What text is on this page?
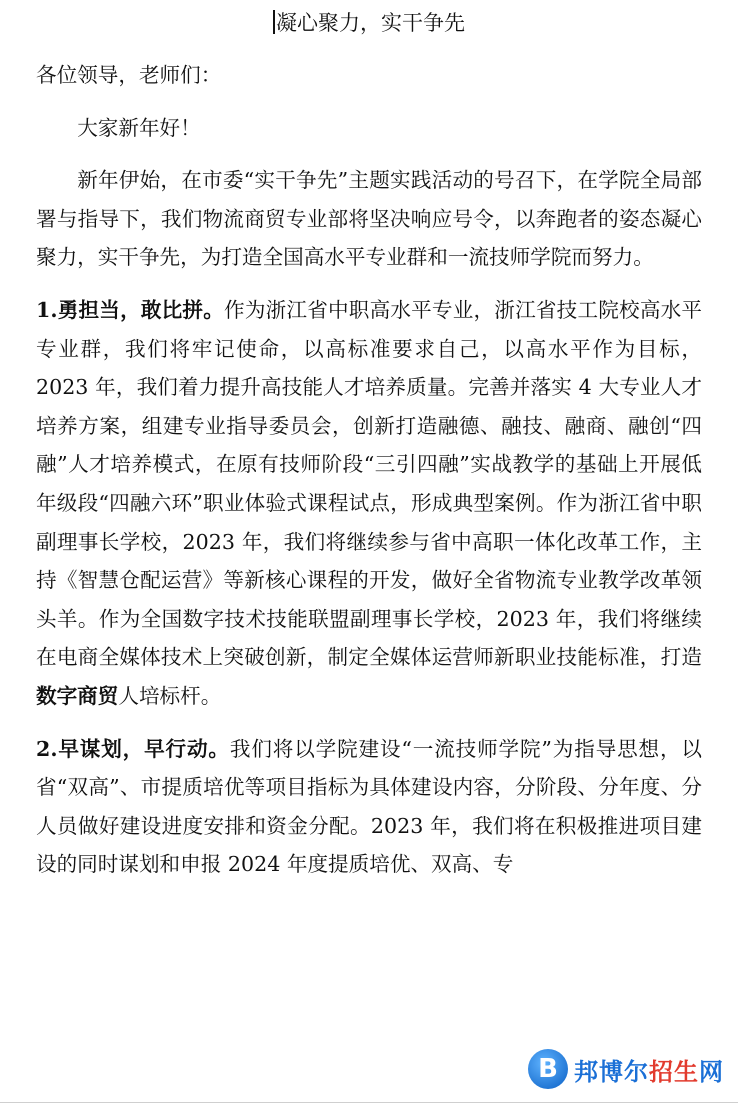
凝心聚力，实干争先

各位领导，老师们：

大家新年好！

新年伊始，在市委“实干争先”主题实践活动的号召下，在学院全局部署与指导下，我们物流商贸专业部将坚决响应号令，以奔跑者的姿态凝心聚力，实干争先，为打造全国高水平专业群和一流技师学院而努力。

1.勇担当，敢比拼。作为浙江省中职高水平专业，浙江省技工院校高水平专业群，我们将牢记使命，以高标准要求自己，以高水平作为目标，2023 年，我们着力提升高技能人才培养质量。完善并落实 4 大专业人才培养方案，组建专业指导委员会，创新打造融德、融技、融商、融创“四融”人才培养模式，在原有技师阶段“三引四融”实战教学的基础上开展低年级段“四融六环”职业体验式课程试点，形成典型案例。作为浙江省中职副理事长学校，2023 年，我们将继续参与省中高职一体化改革工作，主持《智慧仓配运营》等新核心课程的开发，做好全省物流专业教学改革领头羊。作为全国数字技术技能联盟副理事长学校，2023 年，我们将继续在电商全媒体技术上突破创新，制定全媒体运营师新职业技能标准，打造数字商贸人培标杆。

2.早谋划，早行动。我们将以学院建设“一流技师学院”为指导思想，以省“双高”、市提质培优等项目指标为具体建设内容，分阶段、分年度、分人员做好建设进度安排和资金分配。2023 年，我们将在积极推进项目建设的同时谋划和申报 2024 年度提质培优、双高、专

B 邦博尔招生网
